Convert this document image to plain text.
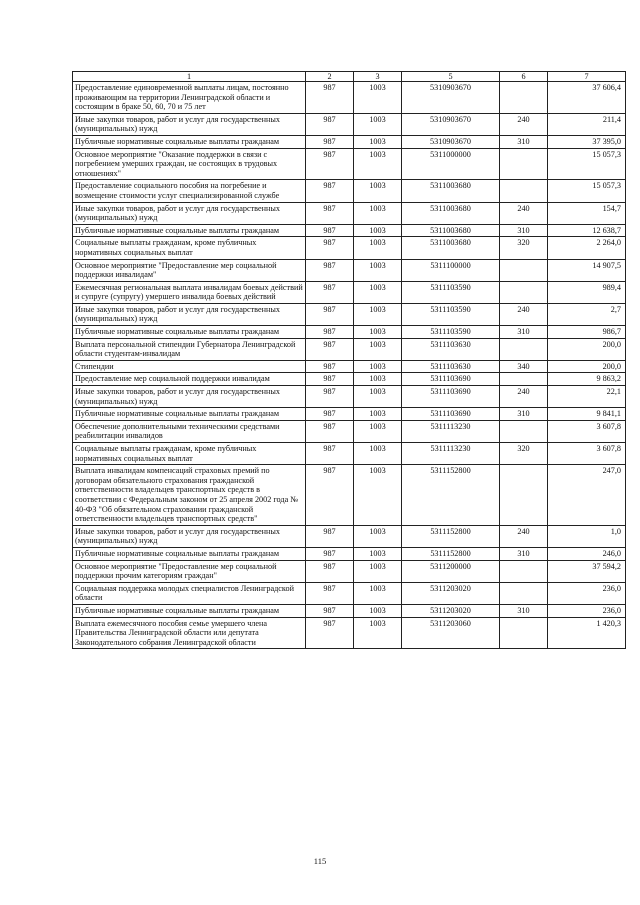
1	2	3	5	6	7
Предоставление единовременной выплаты лицам, постоянно проживающим на территории Ленинградской области и состоящим в браке 50, 60, 70 и 75 лет	987	1003	5310903670		37 606,4
Иные закупки товаров, работ и услуг для государственных (муниципальных) нужд	987	1003	5310903670	240	211,4
Публичные нормативные социальные выплаты гражданам	987	1003	5310903670	310	37 395,0
Основное мероприятие "Оказание поддержки в связи с погребением умерших граждан, не состоящих в трудовых отношениях"	987	1003	5311000000		15 057,3
Предоставление социального пособия на погребение и возмещение стоимости услуг специализированной службе	987	1003	5311003680		15 057,3
Иные закупки товаров, работ и услуг для государственных (муниципальных) нужд	987	1003	5311003680	240	154,7
Публичные нормативные социальные выплаты гражданам	987	1003	5311003680	310	12 638,7
Социальные выплаты гражданам, кроме публичных нормативных социальных выплат	987	1003	5311003680	320	2 264,0
Основное мероприятие "Предоставление мер социальной поддержки инвалидам"	987	1003	5311100000		14 907,5
Ежемесячная региональная выплата инвалидам боевых действий и супруге (супругу) умершего инвалида боевых действий	987	1003	5311103590		989,4
Иные закупки товаров, работ и услуг для государственных (муниципальных) нужд	987	1003	5311103590	240	2,7
Публичные нормативные социальные выплаты гражданам	987	1003	5311103590	310	986,7
Выплата персональной стипендии Губернатора Ленинградской области студентам-инвалидам	987	1003	5311103630		200,0
Стипендии	987	1003	5311103630	340	200,0
Предоставление мер социальной поддержки инвалидам	987	1003	5311103690		9 863,2
Иные закупки товаров, работ и услуг для государственных (муниципальных) нужд	987	1003	5311103690	240	22,1
Публичные нормативные социальные выплаты гражданам	987	1003	5311103690	310	9 841,1
Обеспечение дополнительными техническими средствами реабилитации инвалидов	987	1003	5311113230		3 607,8
Социальные выплаты гражданам, кроме публичных нормативных социальных выплат	987	1003	5311113230	320	3 607,8
Выплата инвалидам компенсаций страховых премий по договорам обязательного страхования гражданской ответственности владельцев транспортных средств в соответствии с Федеральным законом от 25 апреля 2002 года № 40-ФЗ "Об обязательном страховании гражданской ответственности владельцев транспортных средств"	987	1003	5311152800		247,0
Иные закупки товаров, работ и услуг для государственных (муниципальных) нужд	987	1003	5311152800	240	1,0
Публичные нормативные социальные выплаты гражданам	987	1003	5311152800	310	246,0
Основное мероприятие "Предоставление мер социальной поддержки прочим категориям граждан"	987	1003	5311200000		37 594,2
Социальная поддержка молодых специалистов Ленинградской области	987	1003	5311203020		236,0
Публичные нормативные социальные выплаты гражданам	987	1003	5311203020	310	236,0
Выплата ежемесячного пособия семье умершего члена Правительства Ленинградской области или депутата Законодательного собрания Ленинградской области	987	1003	5311203060		1 420,3
115
